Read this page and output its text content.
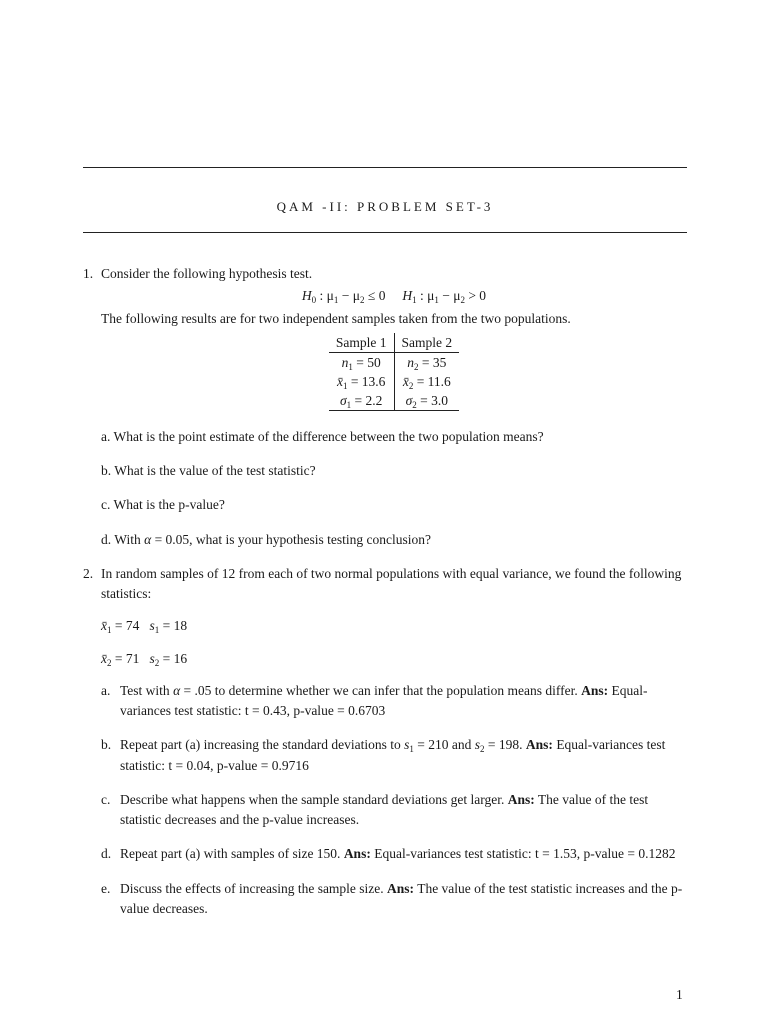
QAM -II: PROBLEM SET-3
1. Consider the following hypothesis test.

$H_0$ : $\mu_1 - \mu_2 \le 0$ $H_1$ : $\mu_1 - \mu_2 > 0$

The following results are for two independent samples taken from the two populations.

Sample 1	Sample 2
$n_1 = 50$	$n_2 = 35$
$x̄_1 = 13.6$	$x̄_2 = 11.6$
$\sigma_1 = 2.2$	$\sigma_2 = 3.0$

a. What is the point estimate of the difference between the two population means?

b. What is the value of the test statistic?

c. What is the p-value?

d. With α = 0.05, what is your hypothesis testing conclusion?

2. In random samples of 12 from each of two normal populations with equal variance, we found the following statistics:

$x̄_1 = 74$ $s_1 = 18$

$x̄_2 = 71$ $s_2 = 16$

a. Test with α = .05 to determine whether we can infer that the population means differ. Ans: Equal-variances test statistic: t = 0.43, p-value = 0.6703
b. Repeat part (a) increasing the standard deviations to $s_1 = 210$ and $s_2 = 198$. Ans: Equal-variances test statistic: t = 0.04, p-value = 0.9716
c. Describe what happens when the sample standard deviations get larger. Ans: The value of the test statistic decreases and the p-value increases.
d. Repeat part (a) with samples of size 150. Ans: Equal-variances test statistic: t = 1.53, p-value = 0.1282
e. Discuss the effects of increasing the sample size. Ans: The value of the test statistic increases and the p-value decreases.
1
